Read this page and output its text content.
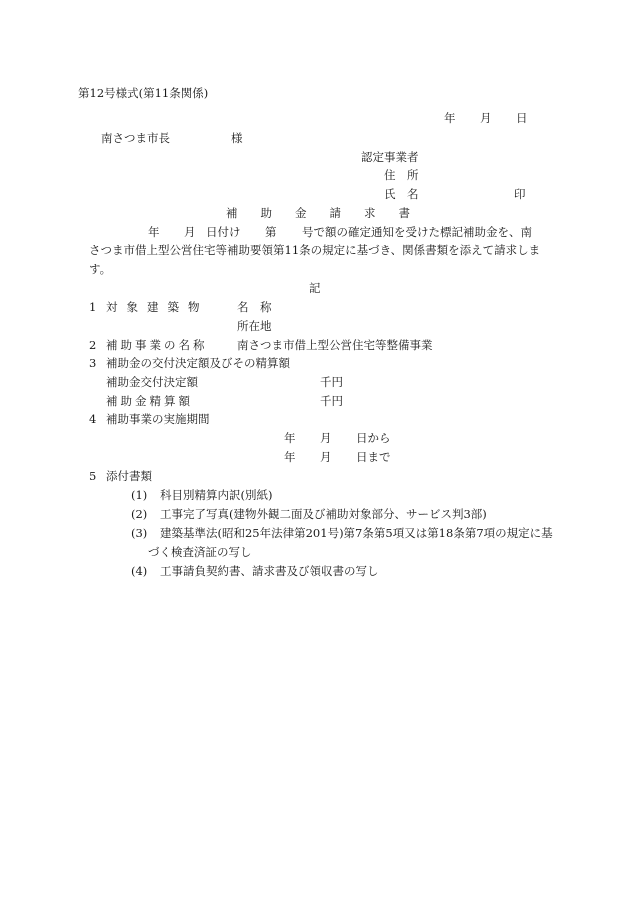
第12号様式(第11条関係)
年 月 日
南さつま市長	様
認定事業者
住　所
氏　名	印
補　　助　　金　　請　　求　　書
年 月 日付け 第 号で額の確定通知を受けた標記補助金を、南
さつま市借上型公営住宅等補助要領第11条の規定に基づき、関係書類を添えて請求しま
す。
記
1 対象建築物 名　称
所在地
2 補助事業の名称	南さつま市借上型公営住宅等整備事業
3 補助金の交付決定額及びその精算額
補助金交付決定額	千円
補助金精算額	千円
4 補助事業の実施期間
年 月 日から
年 月 日まで
5 添付書類
(1) 科目別精算内訳(別紙)
(2) 工事完了写真(建物外観二面及び補助対象部分、サービス判3部)
(3) 建築基準法(昭和25年法律第201号)第7条第5項又は第18条第7項の規定に基
づく検査済証の写し
(4) 工事請負契約書、請求書及び領収書の写し
